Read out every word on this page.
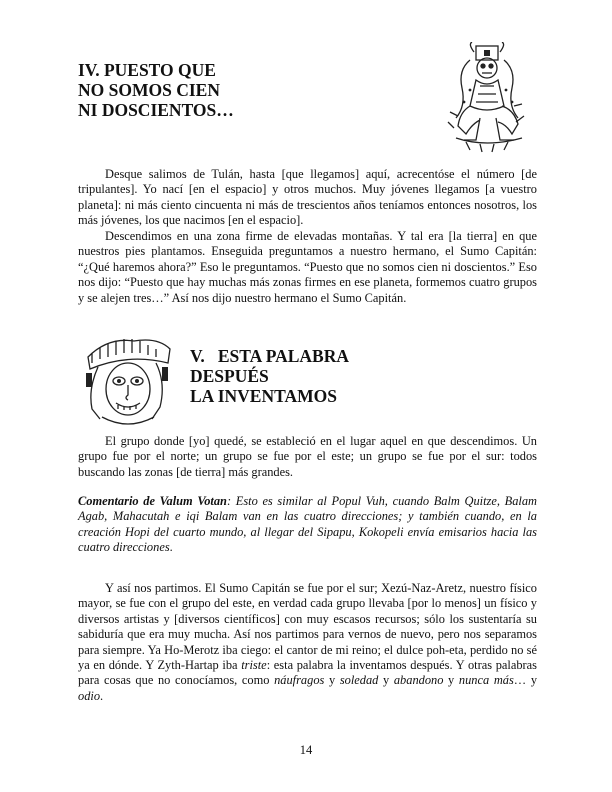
IV. PUESTO QUE
NO SOMOS CIEN
NI DOSCIENTOS…

Desque salimos de Tulán, hasta [que llegamos] aquí, acrecentóse el número [de tripulantes]. Yo nací [en el espacio] y otros muchos. Muy jóvenes llegamos [a vuestro planeta]: ni más ciento cincuenta ni más de trescientos años teníamos entonces nosotros, los más jóvenes, los que nacimos [en el espacio].

Descendimos en una zona firme de elevadas montañas. Y tal era [la tierra] en que nuestros pies plantamos. Enseguida preguntamos a nuestro hermano, el Sumo Capitán: “¿Qué haremos ahora?” Eso le preguntamos. “Puesto que no somos cien ni doscientos.” Eso nos dijo: “Puesto que hay muchas más zonas firmes en ese planeta, formemos cuatro grupos y se alejen tres…” Así nos dijo nuestro hermano el Sumo Capitán.

V.   ESTA PALABRA
DESPUÉS
LA INVENTAMOS

El grupo donde [yo] quedé, se estableció en el lugar aquel en que descendimos. Un grupo fue por el norte; un grupo se fue por el este; un grupo se fue por el sur: todos buscando las zonas [de tierra] más grandes.

Comentario de Valum Votan: Esto es similar al Popul Vuh, cuando Balm Quitze, Balam Agab, Mahacutah e iqi Balam van en las cuatro direcciones; y también cuando, en la creación Hopi del cuarto mundo, al llegar del Sipapu, Kokopeli envía emisarios hacia las cuatro direcciones.

Y así nos partimos. El Sumo Capitán se fue por el sur; Xezú-Naz-Aretz, nuestro físico mayor, se fue con el grupo del este, en verdad cada grupo llevaba [por lo menos] un físico y diversos artistas y [diversos científicos] con muy escasos recursos; sólo los sustentaría su sabiduría que era muy mucha. Así nos partimos para vernos de nuevo, pero nos separamos para siempre. Ya Ho-Merotz iba ciego: el cantor de mi reino; el dulce poh-eta, perdido no sé ya en dónde. Y Zyth-Hartap iba triste: esta palabra la inventamos después. Y otras palabras para cosas que no conocíamos, como náufragos y soledad y abandono y nunca más… y odio.

14
